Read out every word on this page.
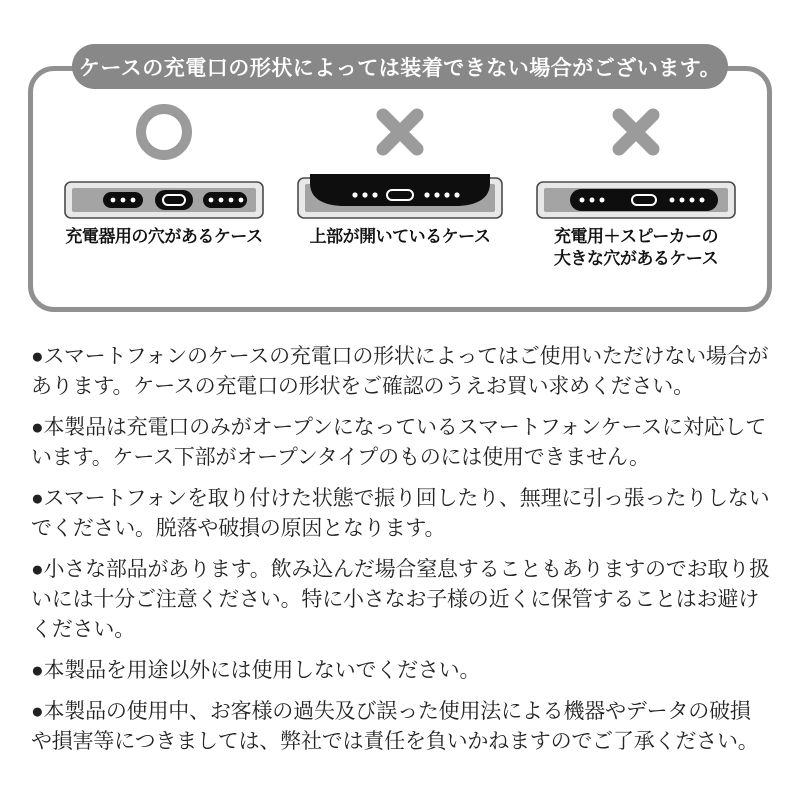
充電器用の穴があるケース	上部が開いているケース	充電用＋スピーカーの
大きな穴があるケース
ケースの充電口の形状によっては装着できない場合がございます。

●スマートフォンのケースの充電口の形状によってはご使用いただけない場合があります。ケースの充電口の形状をご確認のうえお買い求めください。

●本製品は充電口のみがオープンになっているスマートフォンケースに対応しています。ケース下部がオープンタイプのものには使用できません。

●スマートフォンを取り付けた状態で振り回したり、無理に引っ張ったりしないでください。脱落や破損の原因となります。

●小さな部品があります。飲み込んだ場合窒息することもありますのでお取り扱いには十分ご注意ください。特に小さなお子様の近くに保管することはお避けください。

●本製品を用途以外には使用しないでください。

●本製品の使用中、お客様の過失及び誤った使用法による機器やデータの破損や損害等につきましては、弊社では責任を負いかねますのでご了承ください。
